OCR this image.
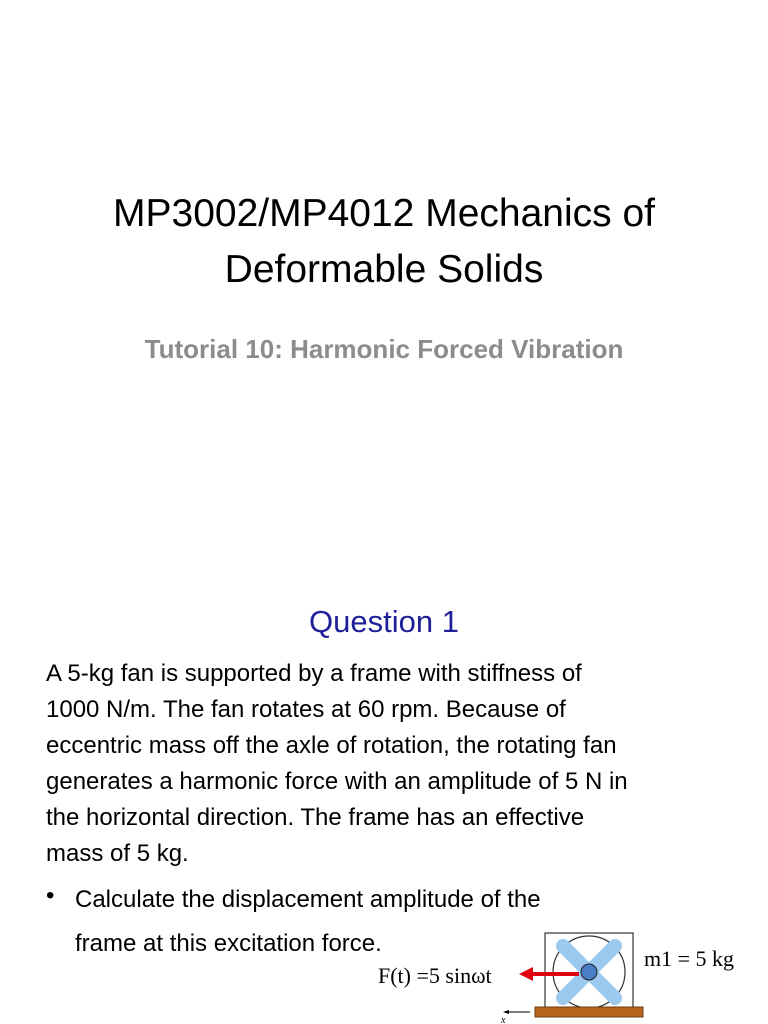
MP3002/MP4012 Mechanics of
Deformable Solids
Tutorial 10: Harmonic Forced Vibration
Question 1
A 5-kg fan is supported by a frame with stiffness of
1000 N/m. The fan rotates at 60 rpm. Because of
eccentric mass off the axle of rotation, the rotating fan
generates a harmonic force with an amplitude of 5 N in
the horizontal direction. The frame has an effective
mass of 5 kg.
• Calculate the displacement amplitude of the
frame at this excitation force.
F(t) =5 sinωt
m1 = 5 kg
x
